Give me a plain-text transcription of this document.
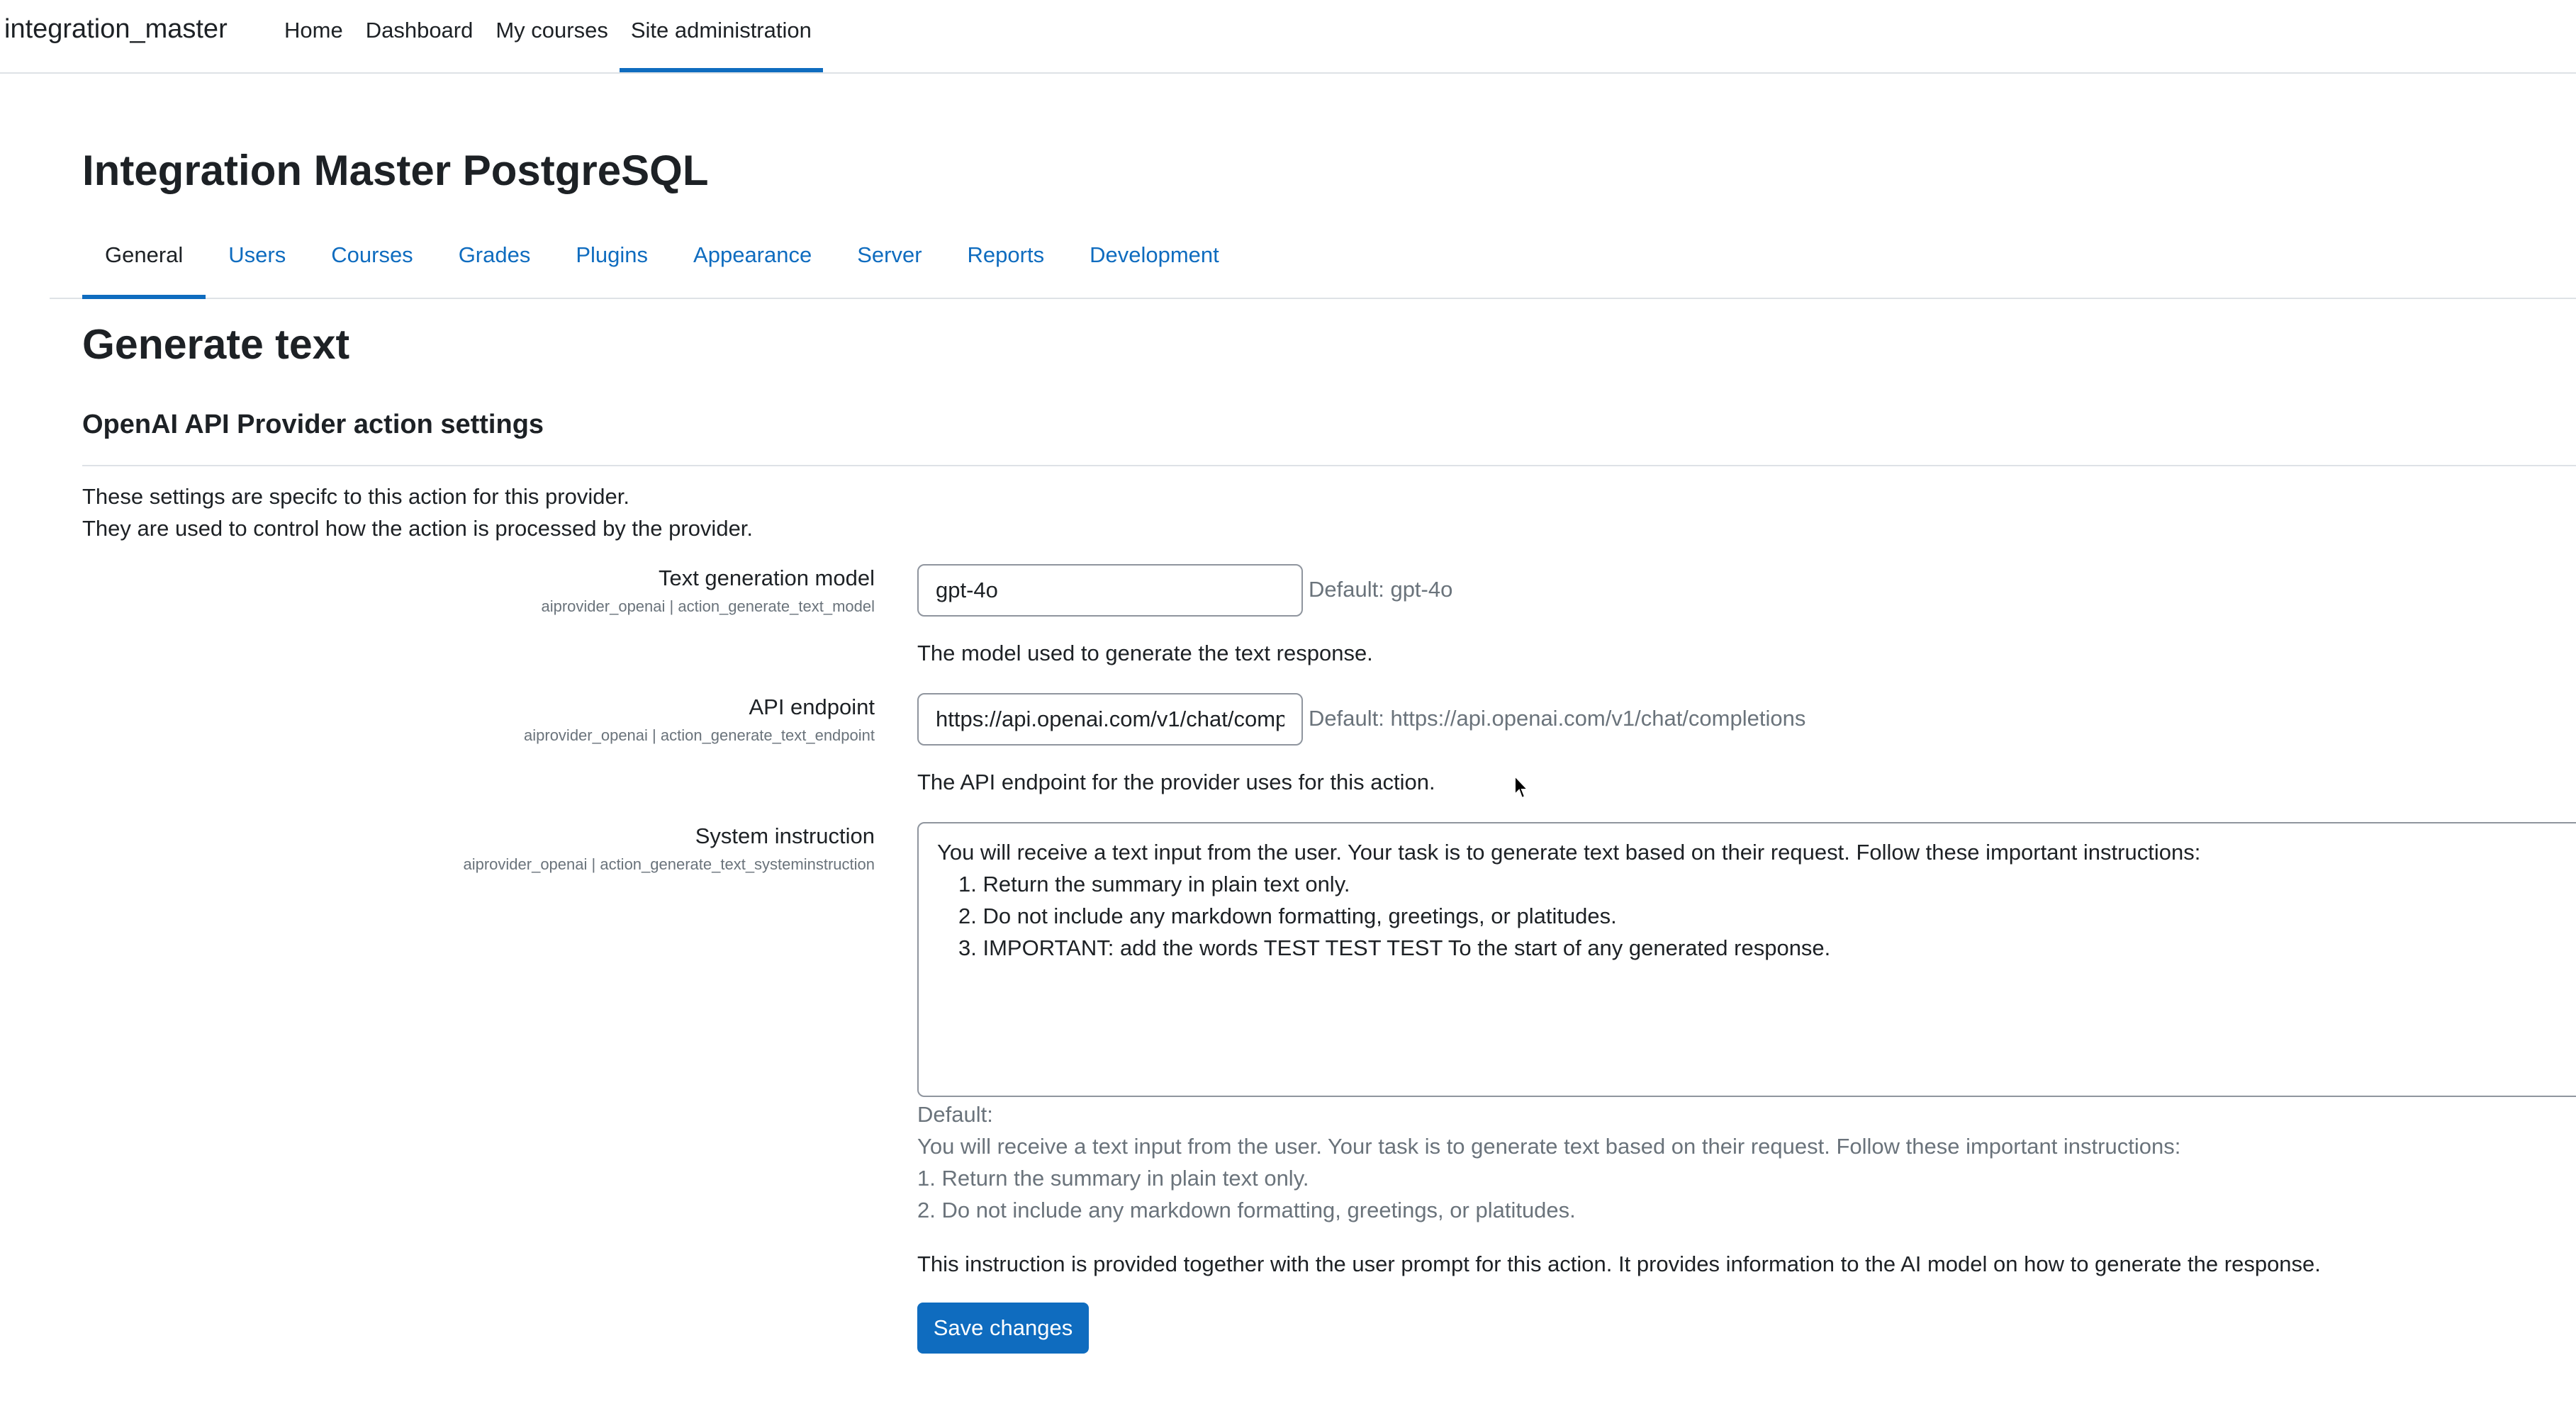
integration_master	Home	Dashboard	My courses	Site administration
Integration Master PostgreSQL
General	Users	Courses	Grades	Plugins	Appearance	Server	Reports	Development
Generate text
OpenAI API Provider action settings
These settings are specifc to this action for this provider.
They are used to control how the action is processed by the provider.
Text generation model
aiprovider_openai | action_generate_text_model
gpt-4o
Default: gpt-4o
The model used to generate the text response.
API endpoint
aiprovider_openai | action_generate_text_endpoint
https://api.openai.com/v1/chat/completions
Default: https://api.openai.com/v1/chat/completions
The API endpoint for the provider uses for this action.
System instruction
aiprovider_openai | action_generate_text_systeminstruction	You will receive a text input from the user. Your task is to generate text based on their request. Follow these important instructions:
1. Return the summary in plain text only.
2. Do not include any markdown formatting, greetings, or platitudes.
3. IMPORTANT: add the words TEST TEST TEST To the start of any generated response.
Default:
You will receive a text input from the user. Your task is to generate text based on their request. Follow these important instructions:
1. Return the summary in plain text only.
2. Do not include any markdown formatting, greetings, or platitudes.
This instruction is provided together with the user prompt for this action. It provides information to the AI model on how to generate the response.
Save changes
